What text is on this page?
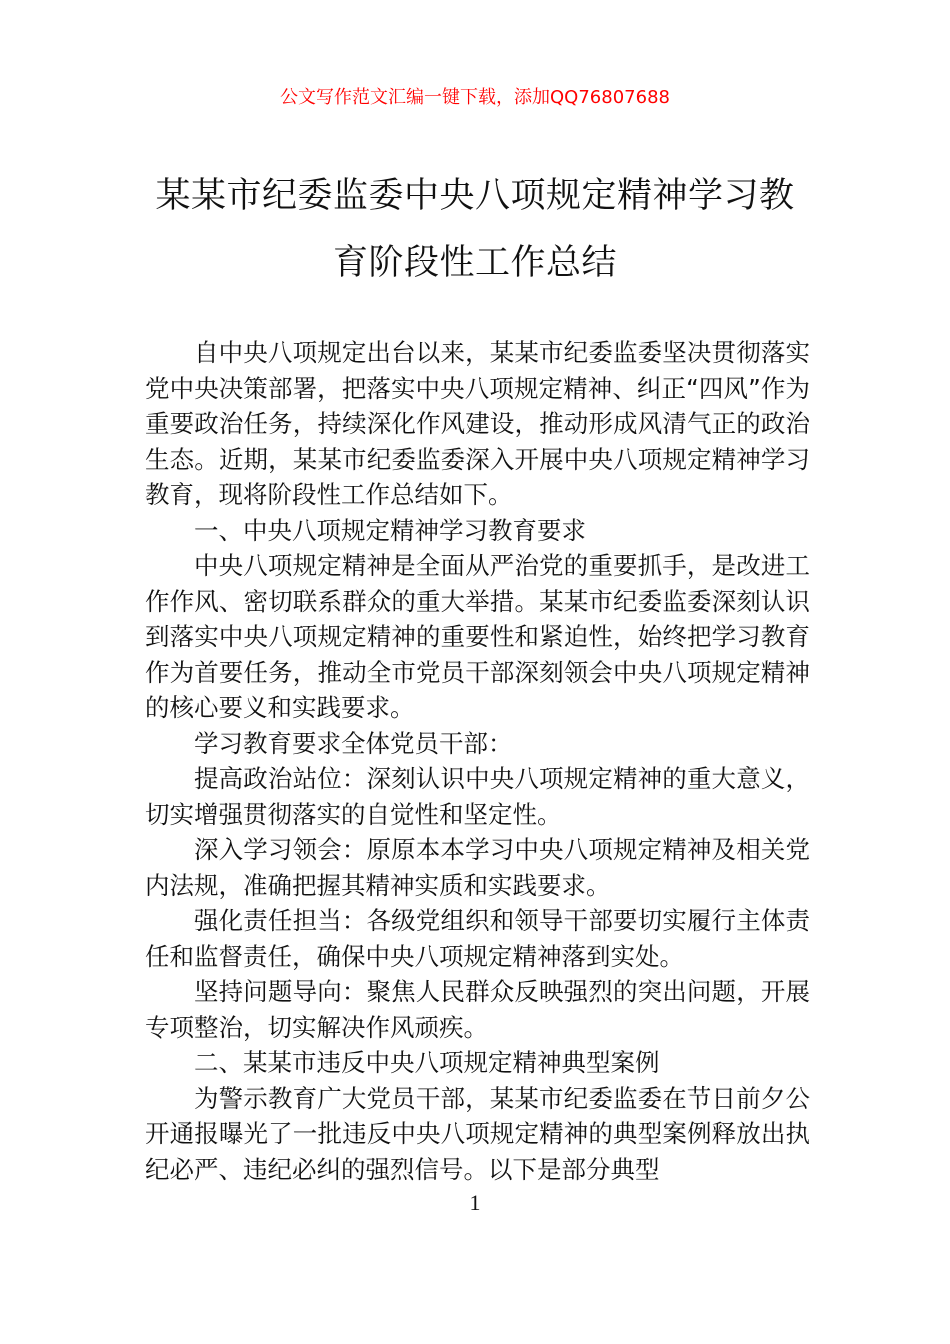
公文写作范文汇编一键下载，添加QQ76807688
某某市纪委监委中央八项规定精神学习教
育阶段性工作总结

自中央八项规定出台以来，某某市纪委监委坚决贯彻落实党中央决策部署，把落实中央八项规定精神、纠正“四风”作为重要政治任务，持续深化作风建设，推动形成风清气正的政治生态。近期，某某市纪委监委深入开展中央八项规定精神学习教育，现将阶段性工作总结如下。

一、中央八项规定精神学习教育要求

中央八项规定精神是全面从严治党的重要抓手，是改进工作作风、密切联系群众的重大举措。某某市纪委监委深刻认识到落实中央八项规定精神的重要性和紧迫性，始终把学习教育作为首要任务，推动全市党员干部深刻领会中央八项规定精神的核心要义和实践要求。

学习教育要求全体党员干部：

提高政治站位：深刻认识中央八项规定精神的重大意义，切实增强贯彻落实的自觉性和坚定性。

深入学习领会：原原本本学习中央八项规定精神及相关党内法规，准确把握其精神实质和实践要求。

强化责任担当：各级党组织和领导干部要切实履行主体责任和监督责任，确保中央八项规定精神落到实处。

坚持问题导向：聚焦人民群众反映强烈的突出问题，开展专项整治，切实解决作风顽疾。

二、某某市违反中央八项规定精神典型案例

为警示教育广大党员干部，某某市纪委监委在节日前夕公开通报曝光了一批违反中央八项规定精神的典型案例释放出执纪必严、违纪必纠的强烈信号。以下是部分典型

1
